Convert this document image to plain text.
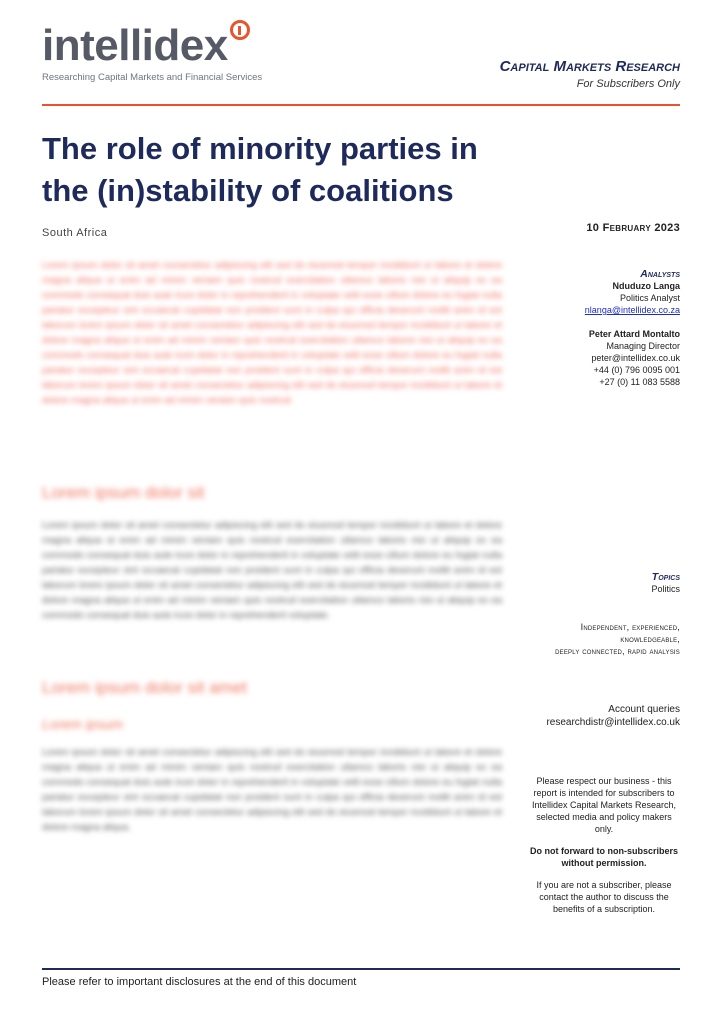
intellidex
Researching Capital Markets and Financial Services
Capital Markets Research
For Subscribers Only
The role of minority parties in
the (in)stability of coalitions
South Africa	10 February 2023
Lorem ipsum dolor sit amet consectetur adipiscing elit sed do eiusmod tempor incididunt ut labore et dolore magna aliqua ut enim ad minim veniam quis nostrud exercitation ullamco laboris nisi ut aliquip ex ea commodo consequat duis aute irure dolor in reprehenderit in voluptate velit esse cillum dolore eu fugiat nulla pariatur excepteur sint occaecat cupidatat non proident sunt in culpa qui officia deserunt mollit anim id est laborum lorem ipsum dolor sit amet consectetur adipiscing elit sed do eiusmod tempor incididunt ut labore et dolore magna aliqua ut enim ad minim veniam quis nostrud exercitation ullamco laboris nisi ut aliquip ex ea commodo consequat duis aute irure dolor in reprehenderit in voluptate velit esse cillum dolore eu fugiat nulla pariatur excepteur sint occaecat cupidatat non proident sunt in culpa qui officia deserunt mollit anim id est laborum lorem ipsum dolor sit amet consectetur adipiscing elit sed do eiusmod tempor incididunt ut labore et dolore magna aliqua ut enim ad minim veniam quis nostrud.
Lorem ipsum dolor sit
Lorem ipsum dolor sit amet consectetur adipiscing elit sed do eiusmod tempor incididunt ut labore et dolore magna aliqua ut enim ad minim veniam quis nostrud exercitation ullamco laboris nisi ut aliquip ex ea commodo consequat duis aute irure dolor in reprehenderit in voluptate velit esse cillum dolore eu fugiat nulla pariatur excepteur sint occaecat cupidatat non proident sunt in culpa qui officia deserunt mollit anim id est laborum lorem ipsum dolor sit amet consectetur adipiscing elit sed do eiusmod tempor incididunt ut labore et dolore magna aliqua ut enim ad minim veniam quis nostrud exercitation ullamco laboris nisi ut aliquip ex ea commodo consequat duis aute irure dolor in reprehenderit voluptate.
Lorem ipsum dolor sit amet
Lorem ipsum
Lorem ipsum dolor sit amet consectetur adipiscing elit sed do eiusmod tempor incididunt ut labore et dolore magna aliqua ut enim ad minim veniam quis nostrud exercitation ullamco laboris nisi ut aliquip ex ea commodo consequat duis aute irure dolor in reprehenderit in voluptate velit esse cillum dolore eu fugiat nulla pariatur excepteur sint occaecat cupidatat non proident sunt in culpa qui officia deserunt mollit anim id est laborum lorem ipsum dolor sit amet consectetur adipiscing elit sed do eiusmod tempor incididunt ut labore et dolore magna aliqua.
Analysts
Nduduzo Langa
Politics Analyst
nlanga@intellidex.co.za
Peter Attard Montalto
Managing Director
peter@intellidex.co.uk
+44 (0) 796 0095 001
+27 (0) 11 083 5588
Topics
Politics
Independent, experienced,
knowledgeable,
deeply connected, rapid analysis
Account queries
researchdistr@intellidex.co.uk

Please respect our business - this report is intended for subscribers to Intellidex Capital Markets Research, selected media and policy makers only.

Do not forward to non-subscribers without permission.

If you are not a subscriber, please contact the author to discuss the benefits of a subscription.

Please refer to important disclosures at the end of this document
